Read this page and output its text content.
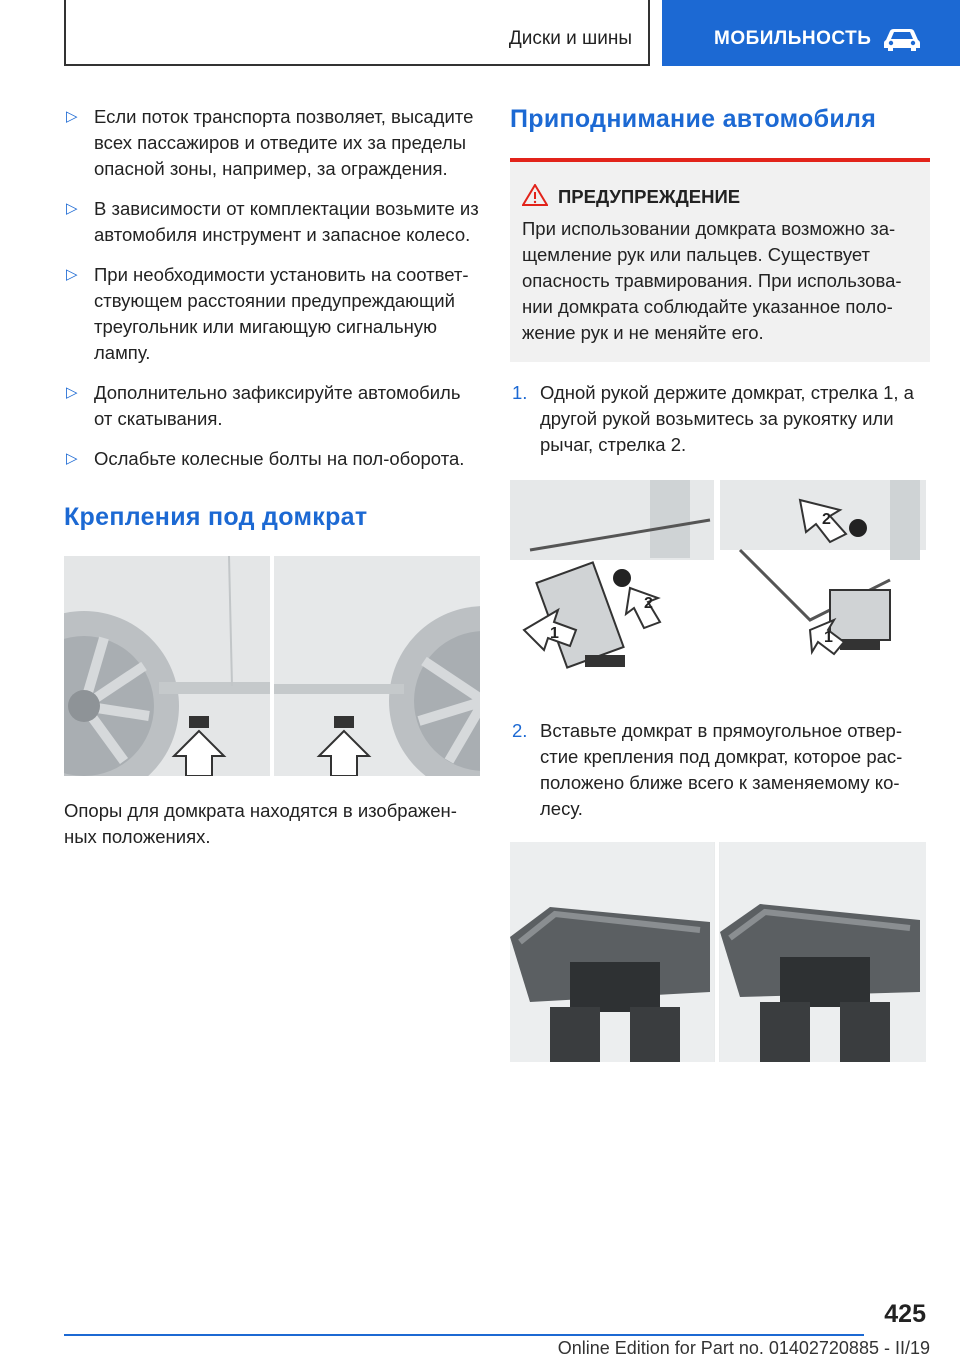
Диски и шины	МОБИЛЬНОСТЬ
▷ Если поток транспорта позволяет, высадите всех пассажиров и отведите их за пределы опасной зоны, например, за ограждения.
▷ В зависимости от комплектации возьмите из автомобиля инструмент и запасное колесо.
▷ При необходимости установить на соответствующем расстоянии предупреждающий треугольник или мигающую сигнальную лампу.
▷ Дополнительно зафиксируйте автомобиль от скатывания.
▷ Ослабьте колесные болты на пол-оборота.
Крепления под домкрат
Опоры для домкрата находятся в изображенных положениях.
Приподнимание автомобиля
ПРЕДУПРЕЖДЕНИЕ
При использовании домкрата возможно защемление рук или пальцев. Существует опасность травмирования. При использовании домкрата соблюдайте указанное положение рук и не меняйте его.
1. Одной рукой держите домкрат, стрелка 1, а другой рукой возьмитесь за рукоятку или рычаг, стрелка 2.
1
2
2
1
2. Вставьте домкрат в прямоугольное отверстие крепления под домкрат, которое расположено ближе всего к заменяемому колесу.
425
Online Edition for Part no. 01402720885 - II/19
